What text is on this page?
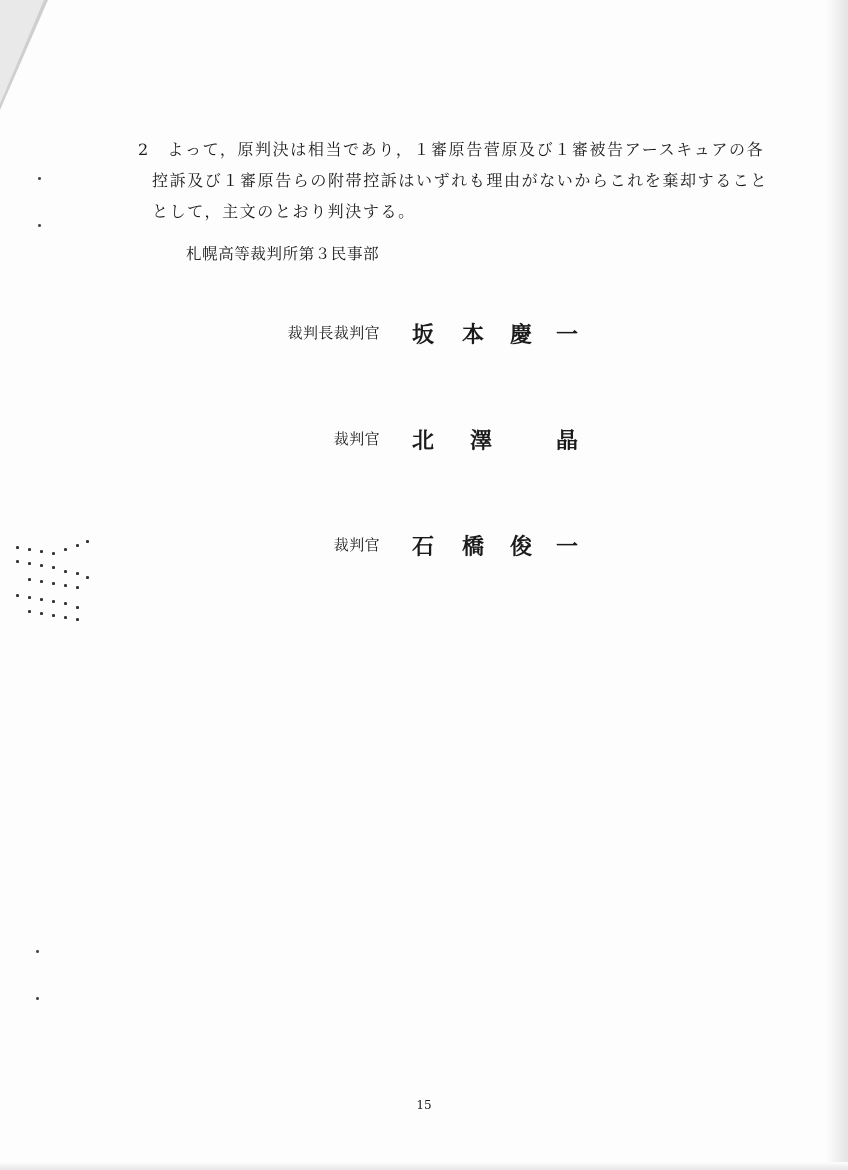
2　よって，原判決は相当であり，１審原告菅原及び１審被告アースキュアの各
控訴及び１審原告らの附帯控訴はいずれも理由がないからこれを棄却すること
として，主文のとおり判決する。
札幌高等裁判所第３民事部
裁判長裁判官 坂 本 慶 一
裁判官 北 澤	晶
裁判官 石 橋 俊 一
15
